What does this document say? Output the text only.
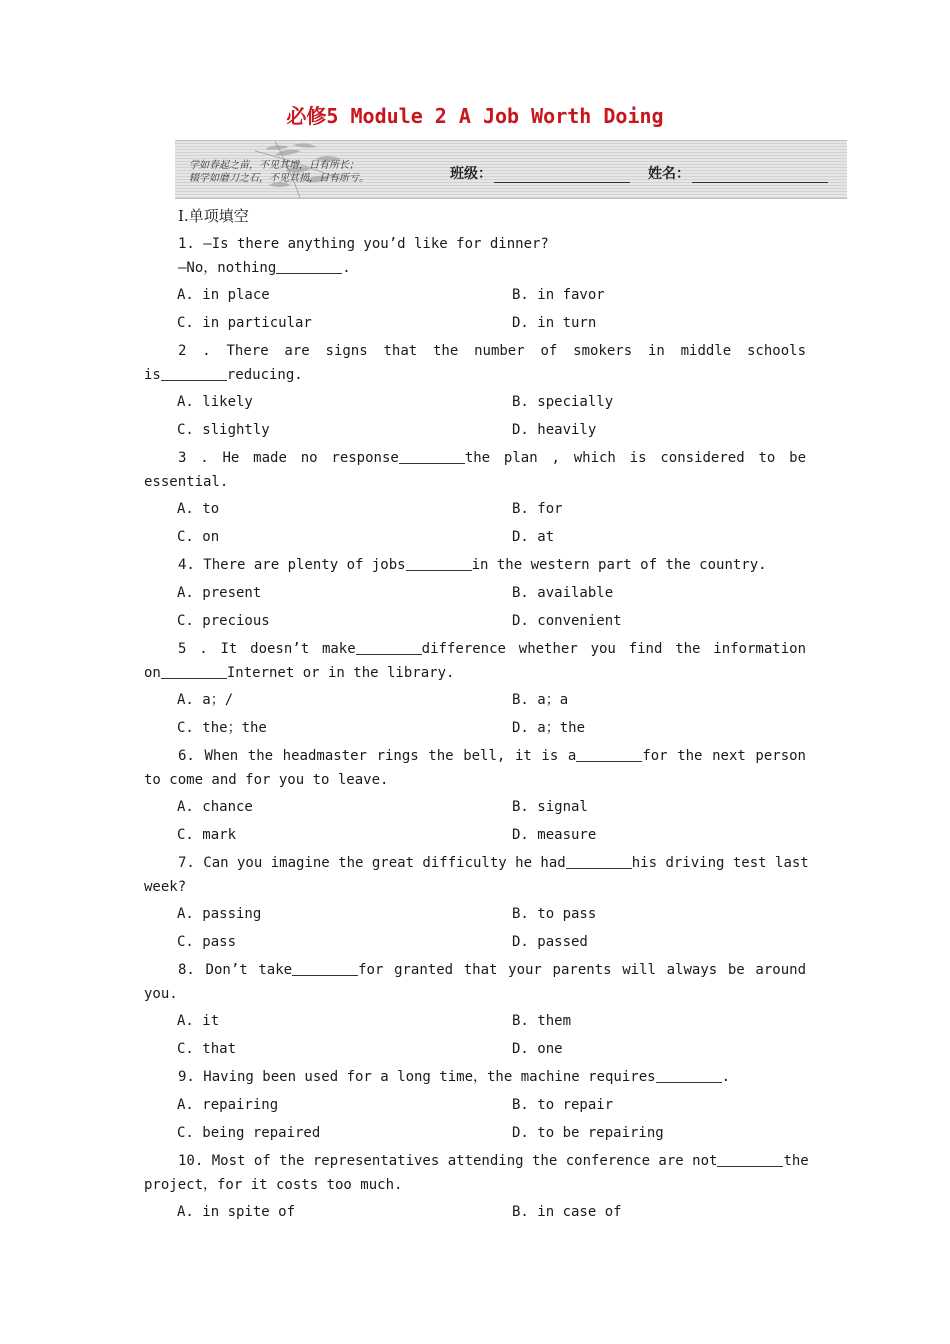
必修5 Module 2 A Job Worth Doing
学如春起之苗，不见其增，日有所长；
辍学如磨刀之石，不见其损，日有所亏。	班级：	姓名：
I.单项填空
1. —Is there anything you’d like for dinner?
—No，nothing	.
A. in place	B. in favor
C. in particular	D. in turn
2 . There are signs that the number of smokers in middle schools
is	reducing.
A. likely	B. specially
C. slightly	D. heavily
3 . He made no response	the plan , which is considered to be
essential.
A. to	B. for
C. on	D. at
4. There are plenty of jobs	in the western part of the country.
A. present	B. available
C. precious	D. convenient
5 . It doesn’t make	difference whether you find the information
on	Internet or in the library.
A. a；/	B. a；a
C. the；the	D. a；the
6. When the headmaster rings the bell, it is a	for the next person
to come and for you to leave.
A. chance	B. signal
C. mark	D. measure
7. Can you imagine the great difficulty he had	his driving test last
week?
A. passing	B. to pass
C. pass	D. passed
8. Don’t take	for granted that your parents will always be around
you.
A. it	B. them
C. that	D. one
9. Having been used for a long time，the machine requires	.
A. repairing	B. to repair
C. being repaired	D. to be repairing
10. Most of the representatives attending the conference are not	the
project，for it costs too much.
A. in spite of	B. in case of
